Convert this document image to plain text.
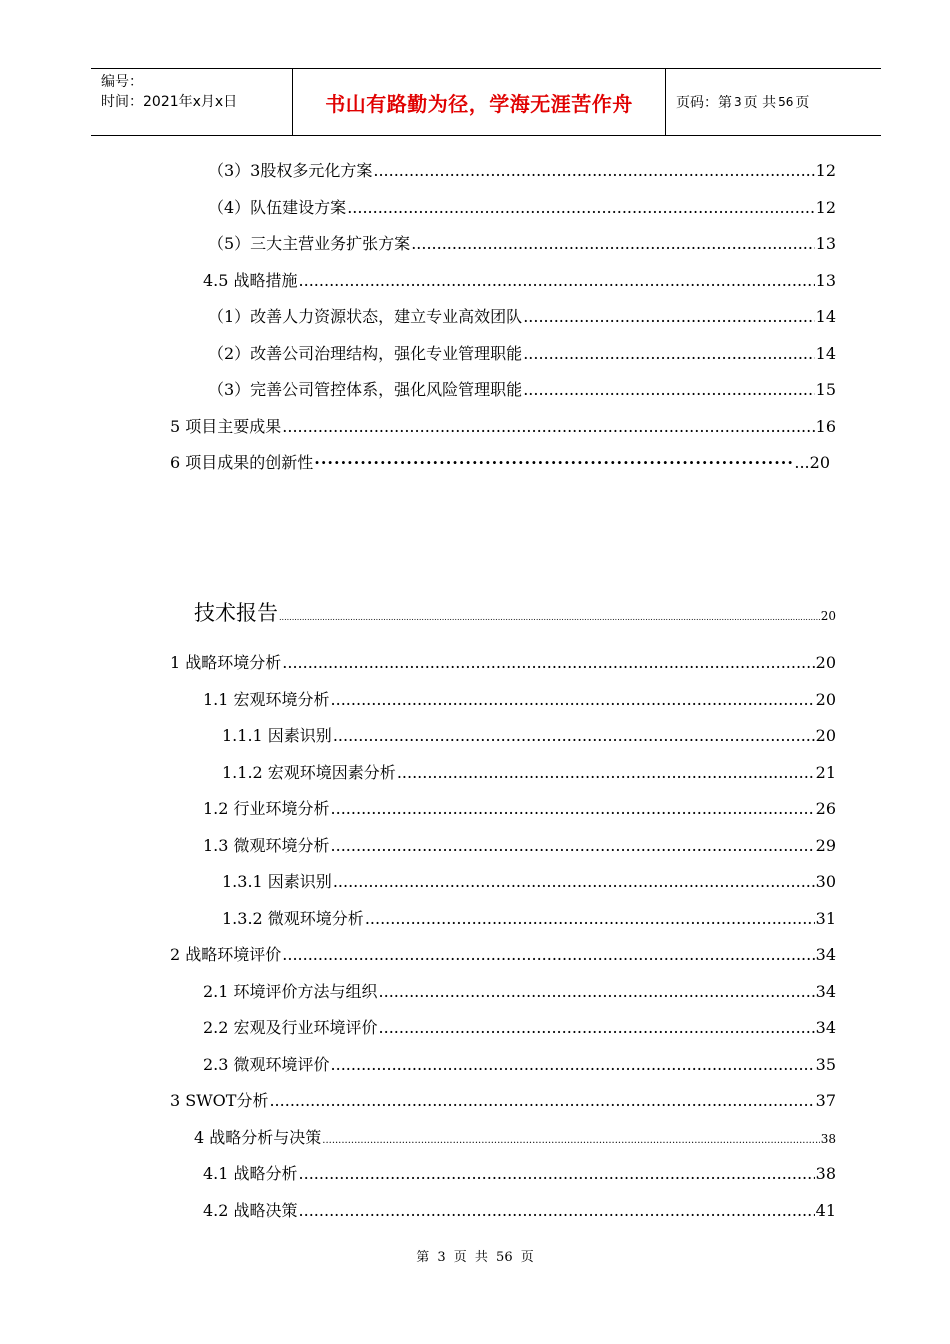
编号：
时间：2021年x月x日	书山有路勤为径，学海无涯苦作舟	页码：第 3 页 共 56 页
（3）3股权多元化方案 .....	12
（4）队伍建设方案 .....	12
（5）三大主营业务扩张方案 .....	13
4.5 战略措施 .....	13
（1）改善人力资源状态，建立专业高效团队 .....	14
（2）改善公司治理结构，强化专业管理职能 .....	14
（3）完善公司管控体系，强化风险管理职能 .....	15
5 项目主要成果 .....	16
6 项目成果的创新性 ·····	...20
技术报告 .....	20
1 战略环境分析 .....	20
1.1 宏观环境分析 .....	20
1.1.1 因素识别 .....	20
1.1.2 宏观环境因素分析 .....	21
1.2 行业环境分析 .....	26
1.3 微观环境分析 .....	29
1.3.1 因素识别 .....	30
1.3.2 微观环境分析 .....	31
2 战略环境评价 .....	34
2.1 环境评价方法与组织 .....	34
2.2 宏观及行业环境评价 .....	34
2.3 微观环境评价 .....	35
3 SWOT分析 .....	37
4 战略分析与决策 .....	38
4.1 战略分析 .....	38
4.2 战略决策 .....	41
第 3 页 共 56 页
